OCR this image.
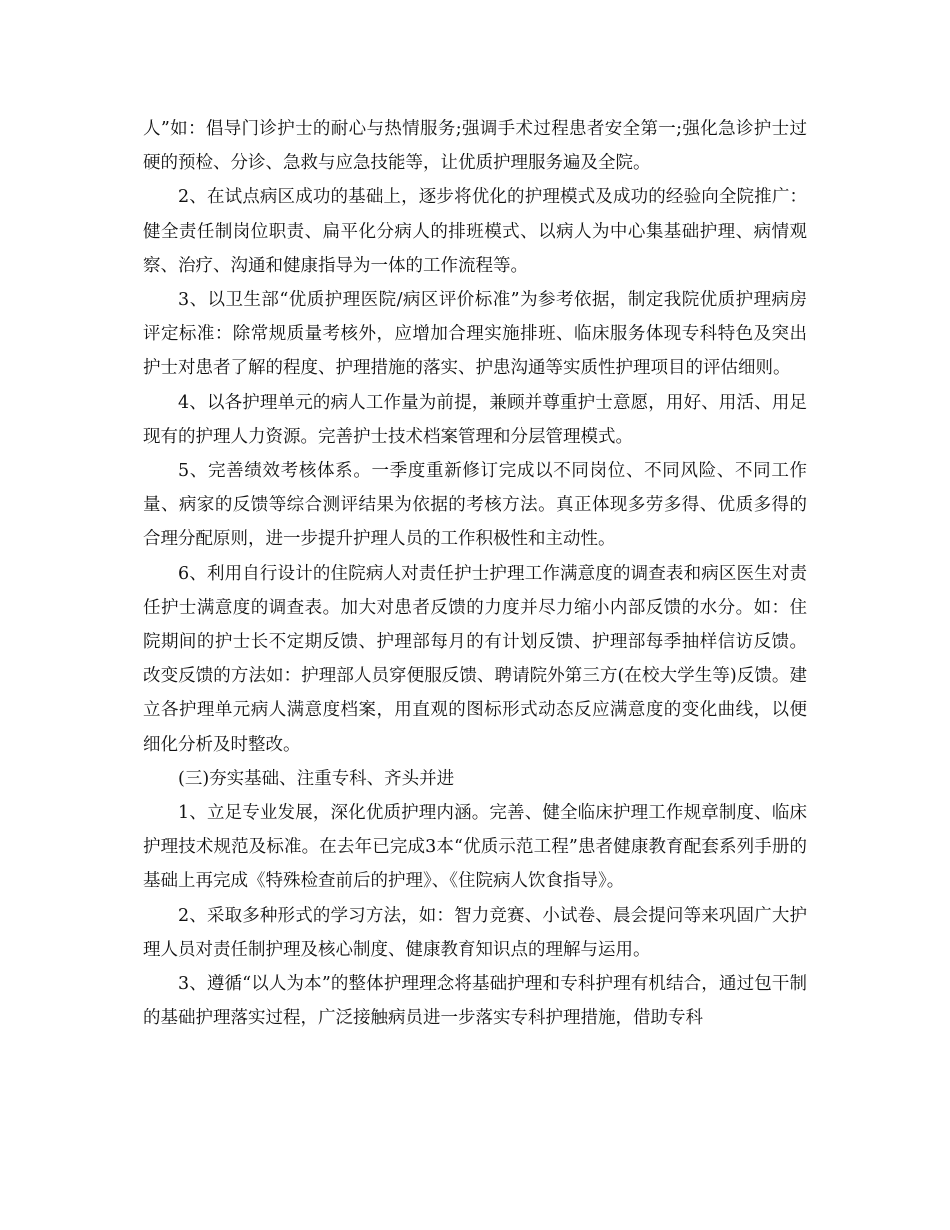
人”如：倡导门诊护士的耐心与热情服务;强调手术过程患者安全第一;强化急诊护士过硬的预检、分诊、急救与应急技能等，让优质护理服务遍及全院。

2、在试点病区成功的基础上，逐步将优化的护理模式及成功的经验向全院推广：健全责任制岗位职责、扁平化分病人的排班模式、以病人为中心集基础护理、病情观察、治疗、沟通和健康指导为一体的工作流程等。

3、以卫生部“优质护理医院/病区评价标准”为参考依据，制定我院优质护理病房评定标准：除常规质量考核外，应增加合理实施排班、临床服务体现专科特色及突出护士对患者了解的程度、护理措施的落实、护患沟通等实质性护理项目的评估细则。

4、以各护理单元的病人工作量为前提，兼顾并尊重护士意愿，用好、用活、用足现有的护理人力资源。完善护士技术档案管理和分层管理模式。

5、完善绩效考核体系。一季度重新修订完成以不同岗位、不同风险、不同工作量、病家的反馈等综合测评结果为依据的考核方法。真正体现多劳多得、优质多得的合理分配原则，进一步提升护理人员的工作积极性和主动性。

6、利用自行设计的住院病人对责任护士护理工作满意度的调查表和病区医生对责任护士满意度的调查表。加大对患者反馈的力度并尽力缩小内部反馈的水分。如：住院期间的护士长不定期反馈、护理部每月的有计划反馈、护理部每季抽样信访反馈。改变反馈的方法如：护理部人员穿便服反馈、聘请院外第三方(在校大学生等)反馈。建立各护理单元病人满意度档案，用直观的图标形式动态反应满意度的变化曲线，以便细化分析及时整改。

(三)夯实基础、注重专科、齐头并进

1、立足专业发展，深化优质护理内涵。完善、健全临床护理工作规章制度、临床护理技术规范及标准。在去年已完成3本“优质示范工程”患者健康教育配套系列手册的基础上再完成《特殊检查前后的护理》、《住院病人饮食指导》。

2、采取多种形式的学习方法，如：智力竞赛、小试卷、晨会提问等来巩固广大护理人员对责任制护理及核心制度、健康教育知识点的理解与运用。

3、遵循“以人为本”的整体护理理念将基础护理和专科护理有机结合，通过包干制的基础护理落实过程，广泛接触病员进一步落实专科护理措施，借助专科
